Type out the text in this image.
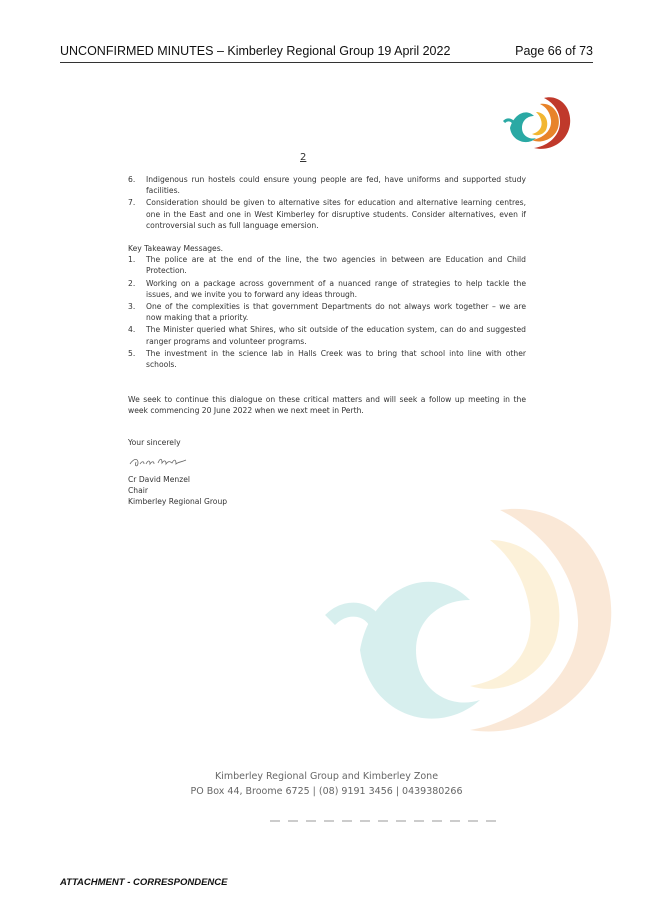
UNCONFIRMED MINUTES – Kimberley Regional Group 19 April 2022	Page 66 of 73
2
6. Indigenous run hostels could ensure young people are fed, have uniforms and supported study facilities.
7. Consideration should be given to alternative sites for education and alternative learning centres, one in the East and one in West Kimberley for disruptive students. Consider alternatives, even if controversial such as full language emersion.
Key Takeaway Messages.
1. The police are at the end of the line, the two agencies in between are Education and Child Protection.
2. Working on a package across government of a nuanced range of strategies to help tackle the issues, and we invite you to forward any ideas through.
3. One of the complexities is that government Departments do not always work together – we are now making that a priority.
4. The Minister queried what Shires, who sit outside of the education system, can do and suggested ranger programs and volunteer programs.
5. The investment in the science lab in Halls Creek was to bring that school into line with other schools.
We seek to continue this dialogue on these critical matters and will seek a follow up meeting in the week commencing 20 June 2022 when we next meet in Perth.
Your sincerely
Cr David Menzel
Chair
Kimberley Regional Group
Kimberley Regional Group and Kimberley Zone
PO Box 44, Broome 6725 | (08) 9191 3456 | 0439380266
ATTACHMENT - CORRESPONDENCE
